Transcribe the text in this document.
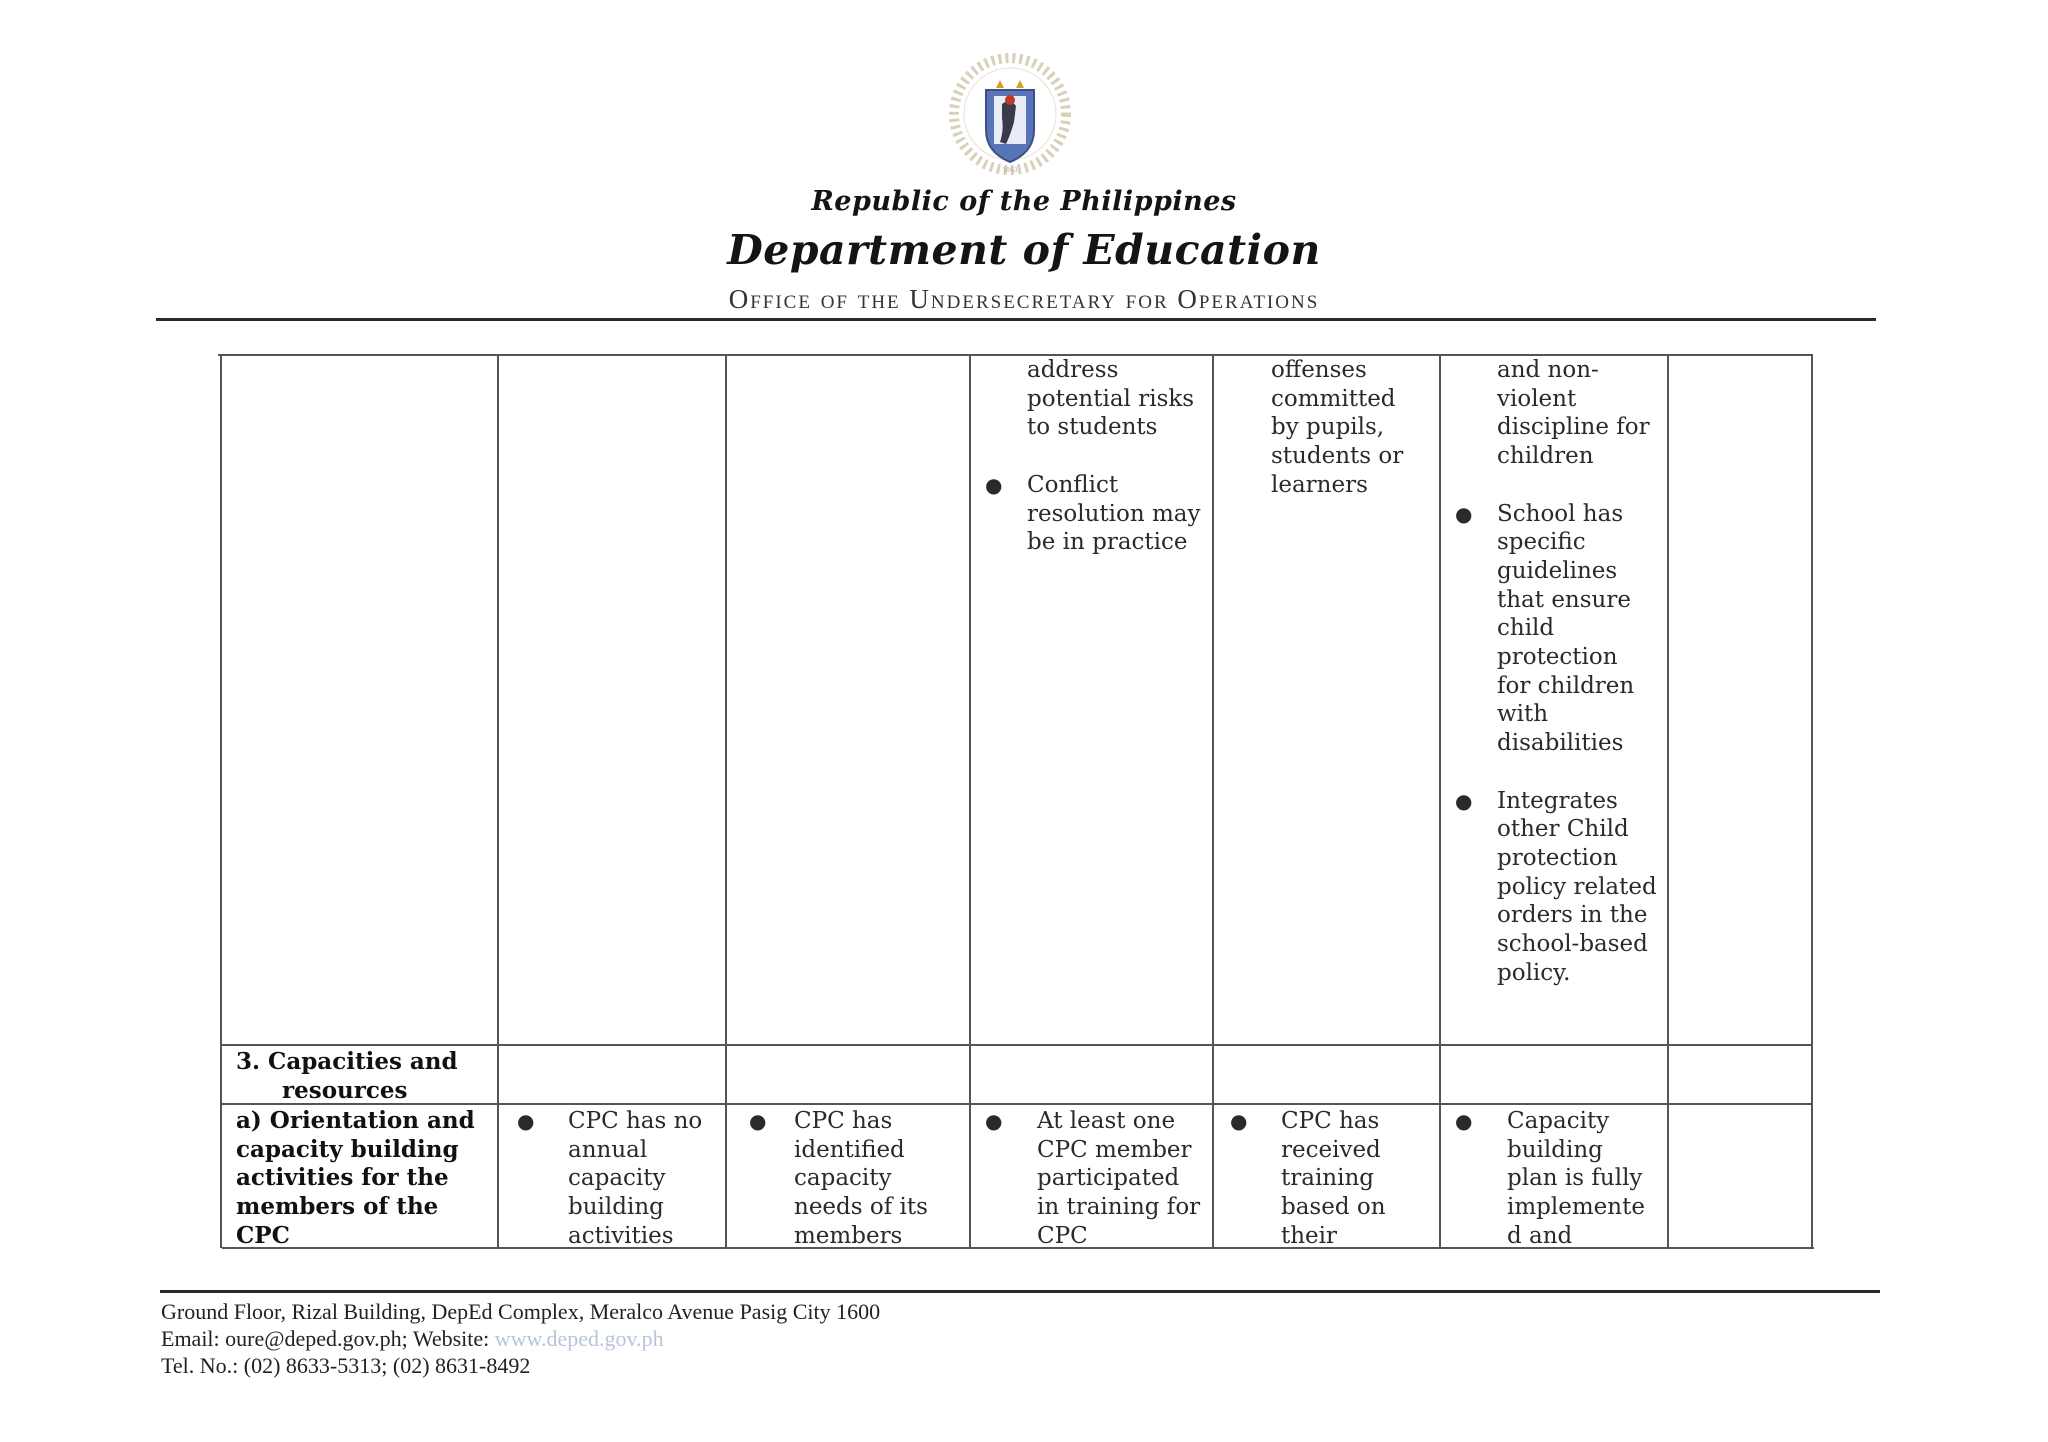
1863
Republic of the Philippines
Department of Education
Office of the Undersecretary for Operations
address potential risks to students
● Conflict resolution may be in practice

offenses committed by pupils, students or learners

and non-violent discipline for children
● School has specific guidelines that ensure child protection for children with disabilities
● Integrates other Child protection policy related orders in the school-based policy.
3. Capacities and resources
a) Orientation and capacity building activities for the members of the CPC
● CPC has no annual capacity building activities
● CPC has identified capacity needs of its members
● At least one CPC member participated in training for CPC
● CPC has received training based on their
● Capacity building plan is fully implemente d and
Ground Floor, Rizal Building, DepEd Complex, Meralco Avenue Pasig City 1600
Email: oure@deped.gov.ph; Website: www.deped.gov.ph
Tel. No.: (02) 8633-5313; (02) 8631-8492
